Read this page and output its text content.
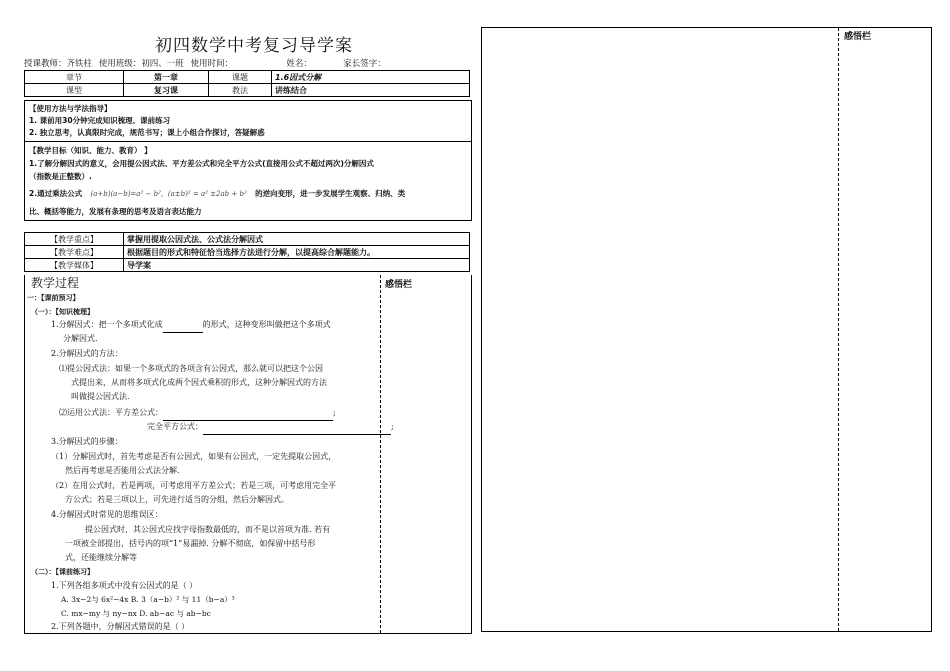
初四数学中考复习导学案
授课教师：齐铁柱 使用班级：初四、一班 使用时间：	姓名：	家长签字：
章节	第一章	课题	1.6因式分解
课型	复习课	教法	讲练结合
【使用方法与学法指导】
1. 课前用30分钟完成知识梳理、课前练习
2. 独立思考，认真限时完成，规范书写；课上小组合作探讨，答疑解惑
【教学目标（知识、能力、教育） 】
1.了解分解因式的意义，会用提公因式法、平方差公式和完全平方公式(直接用公式不超过两次)分解因式
（指数是正整数）.
2.通过乘法公式 (a+b)(a−b)=a² − b²，(a±b)² = a² ±2ab + b² 的逆向变形，进一步发展学生观察、归纳、类
比、概括等能力，发展有条理的思考及语言表达能力
【教学重点】	掌握用提取公因式法、公式法分解因式
【教学难点】	根据题目的形式和特征恰当选择方法进行分解，以提高综合解题能力。
【教学媒体】	导学案
感悟栏
教学过程
一：【课前预习】
（一）：【知识梳理】
1.分解因式：把一个多项式化成	的形式，这种变形叫做把这个多项式
分解因式.
2.分解因式的方法：
⑴提公因式法：如果一个多项式的各项含有公因式，那么就可以把这个公因
式提出来，从而将多项式化成两个因式乘积的形式，这种分解因式的方法
叫做提公因式法.
⑵运用公式法：平方差公式：	;
完全平方公式：	;
3.分解因式的步骤：
（1）分解因式时，首先考虑是否有公因式，如果有公因式，一定先提取公因式，
然后再考虑是否能用公式法分解.
（2）在用公式时，若是两项，可考虑用平方差公式；若是三项，可考虑用完全平
方公式；若是三项以上，可先进行适当的分组，然后分解因式。
4.分解因式时常见的思维误区：
提公因式时，其公因式应找字母指数最低的，而不是以首项为准. 若有
一项被全部提出，括号内的项“1”易漏掉. 分解不彻底，如保留中括号形
式，还能继续分解等
（二）：【课前练习】
1.下列各组多项式中没有公因式的是（ ）
A. 3x−2与 6x²−4x B. 3（a−b）² 与 11（b−a）³
C. mx−my 与 ny−nx D. ab−ac 与 ab−bc
2.下列各题中，分解因式错误的是（ ）
感悟栏
